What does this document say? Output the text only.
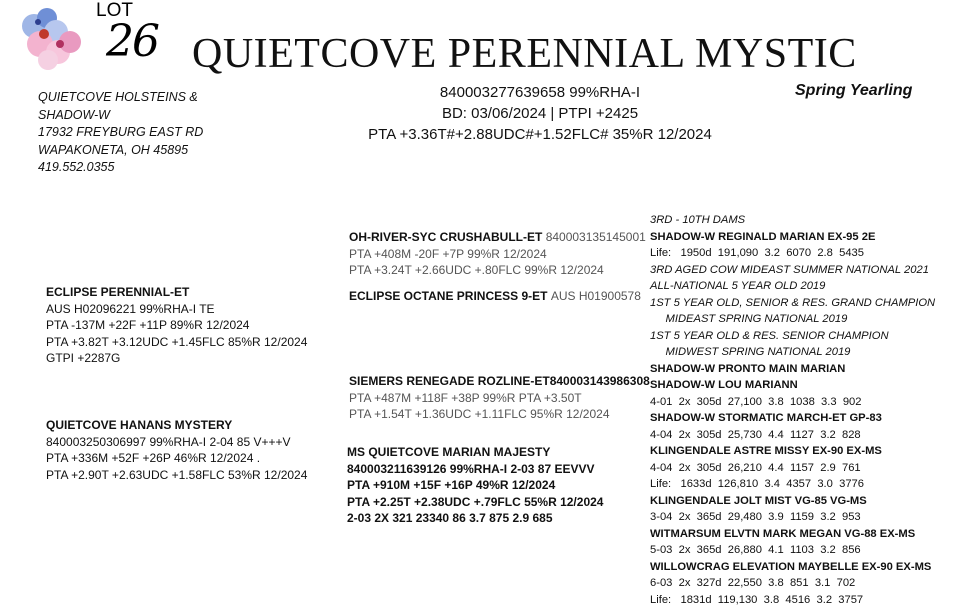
LOT
26 QUIETCOVE PERENNIAL MYSTIC
QUIETCOVE HOLSTEINS &
SHADOW-W
17932 FREYBURG EAST RD
WAPAKONETA, OH 45895
419.552.0355
840003277639658 99%RHA-I
BD: 03/06/2024 | PTPI +2425
PTA +3.36T#+2.88UDC#+1.52FLC# 35%R 12/2024
Spring Yearling
ECLIPSE PERENNIAL-ET
AUS H02096221 99%RHA-I TE
PTA -137M +22F +11P 89%R 12/2024
PTA +3.82T +3.12UDC +1.45FLC 85%R 12/2024
GTPI +2287G
QUIETCOVE HANANS MYSTERY
840003250306997 99%RHA-I 2-04 85 V+++V
PTA +336M +52F +26P 46%R 12/2024 .
PTA +2.90T +2.63UDC +1.58FLC 53%R 12/2024
OH-RIVER-SYC CRUSHABULL-ET 840003135145001
PTA +408M -20F +7P 99%R 12/2024
PTA +3.24T +2.66UDC +.80FLC 99%R 12/2024
ECLIPSE OCTANE PRINCESS 9-ET AUS H01900578
SIEMERS RENEGADE ROZLINE-ET840003143986308
PTA +487M +118F +38P 99%R PTA +3.50T
PTA +1.54T +1.36UDC +1.11FLC 95%R 12/2024
MS QUIETCOVE MARIAN MAJESTY
840003211639126 99%RHA-I 2-03 87 EEVVV
PTA +910M +15F +16P 49%R 12/2024
PTA +2.25T +2.38UDC +.79FLC 55%R 12/2024
2-03 2X 321 23340 86 3.7 875 2.9 685
3RD - 10TH DAMS
SHADOW-W REGINALD MARIAN EX-95 2E
Life:   1950d  191,090  3.2  6070  2.8  5435
3RD AGED COW MIDEAST SUMMER NATIONAL 2021
ALL-NATIONAL 5 YEAR OLD 2019
1ST 5 YEAR OLD, SENIOR & RES. GRAND CHAMPION
MIDEAST SPRING NATIONAL 2019
1ST 5 YEAR OLD & RES. SENIOR CHAMPION
MIDWEST SPRING NATIONAL 2019
SHADOW-W PRONTO MAIN MARIAN
SHADOW-W LOU MARIANN
4-01  2x  305d  27,100  3.8  1038  3.3  902
SHADOW-W STORMATIC MARCH-ET GP-83
4-04  2x  305d  25,730  4.4  1127  3.2  828
KLINGENDALE ASTRE MISSY EX-90 EX-MS
4-04  2x  305d  26,210  4.4  1157  2.9  761
Life:   1633d  126,810  3.4  4357  3.0  3776
KLINGENDALE JOLT MIST VG-85 VG-MS
3-04  2x  365d  29,480  3.9  1159  3.2  953
WITMARSUM ELVTN MARK MEGAN VG-88 EX-MS
5-03  2x  365d  26,880  4.1  1103  3.2  856
WILLOWCRAG ELEVATION MAYBELLE EX-90 EX-MS
6-03  2x  327d  22,550  3.8  851  3.1  702
Life:   1831d  119,130  3.8  4516  3.2  3757
